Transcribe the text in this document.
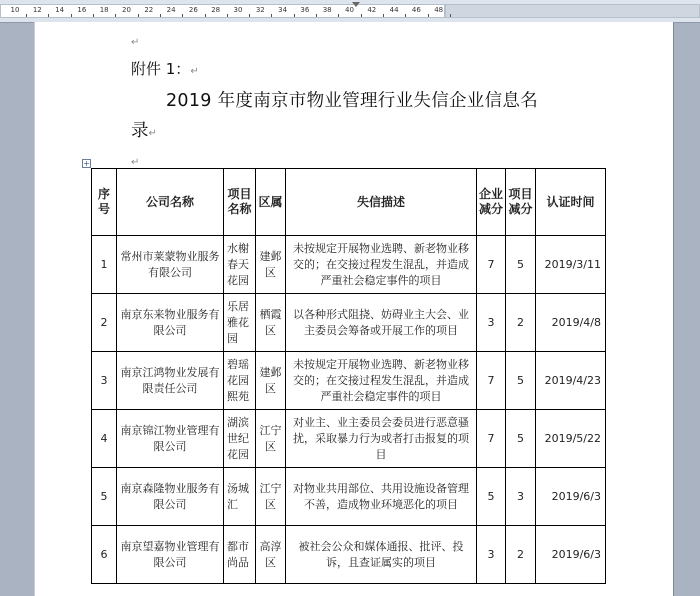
10 12 14 16 18 20 22 24 26 28 30 32 34 36 38 40 42 44 46 48
↵
附件 1：↵
2019 年度南京市物业管理行业失信企业信息名
录↵
↵
+
序号	公司名称	项目名称	区属	失信描述	企业减分	项目减分	认证时间
1	常州市莱蒙物业服务有限公司	水榭春天花园	建邺区	未按规定开展物业选聘、新老物业移交的；在交接过程发生混乱，并造成严重社会稳定事件的项目	7	5	2019/3/11
2	南京东来物业服务有限公司	乐居雅花园	栖霞区	以各种形式阻挠、妨碍业主大会、业主委员会筹备或开展工作的项目	3	2	2019/4/8
3	南京江鸿物业发展有限责任公司	碧瑶花园熙苑	建邺区	未按规定开展物业选聘、新老物业移交的；在交接过程发生混乱，并造成严重社会稳定事件的项目	7	5	2019/4/23
4	南京锦江物业管理有限公司	湖滨世纪花园	江宁区	对业主、业主委员会委员进行恶意骚扰，采取暴力行为或者打击报复的项目	7	5	2019/5/22
5	南京森隆物业服务有限公司	汤城汇	江宁区	对物业共用部位、共用设施设备管理不善，造成物业环境恶化的项目	5	3	2019/6/3
6	南京望嘉物业管理有限公司	都市尚品	高淳区	被社会公众和媒体通报、批评、投诉，且查证属实的项目	3	2	2019/6/3
